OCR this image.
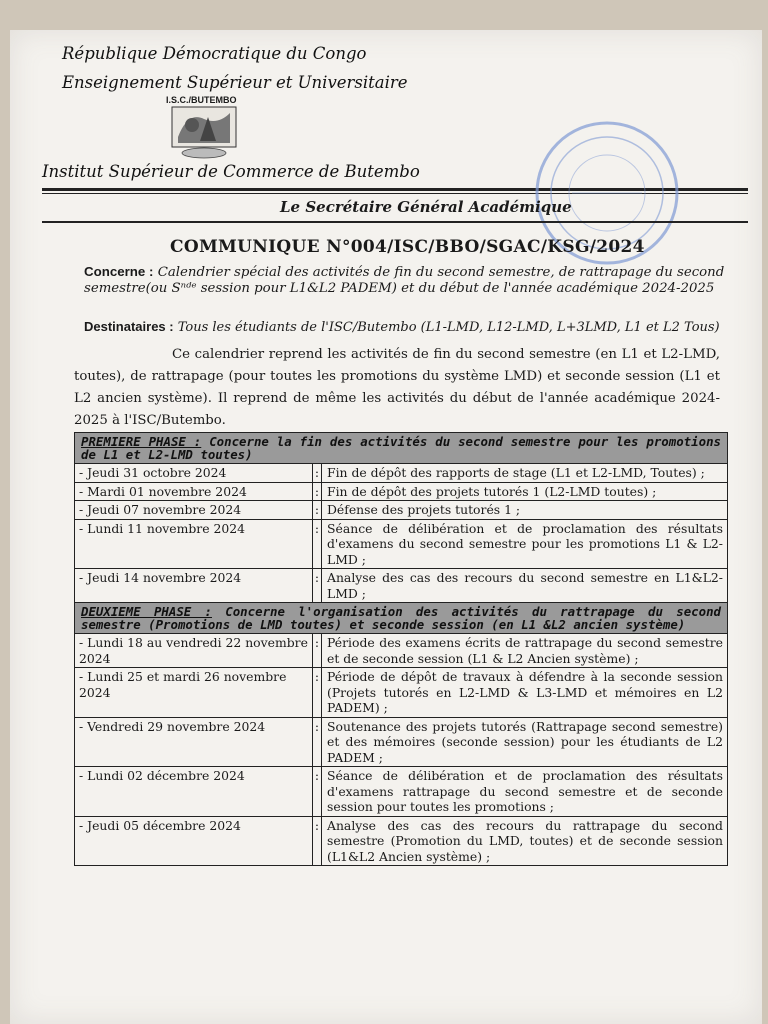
République Démocratique du Congo
Enseignement Supérieur et Universitaire
I.S.C./BUTEMBO
Institut Supérieur de Commerce de Butembo
Le Secrétaire Général Académique
COMMUNIQUE N°004/ISC/BBO/SGAC/KSG/2024
Concerne : Calendrier spécial des activités de fin du second semestre, de rattrapage du second semestre(ou Sⁿᵈᵉ session pour L1&L2 PADEM) et du début de l'année académique 2024-2025
Destinataires : Tous les étudiants de l'ISC/Butembo (L1-LMD, L12-LMD, L+3LMD, L1 et L2 Tous)
Ce calendrier reprend les activités de fin du second semestre (en L1 et L2-LMD, toutes), de rattrapage (pour toutes les promotions du système LMD) et seconde session (L1 et L2 ancien système). Il reprend de même les activités du début de l'année académique 2024-2025 à l'ISC/Butembo.
PREMIERE PHASE : Concerne la fin des activités du second semestre pour les promotions de L1 et L2-LMD toutes)		
- Jeudi 31 octobre 2024	:	Fin de dépôt des rapports de stage (L1 et L2-LMD, Toutes) ;
- Mardi 01 novembre 2024	:	Fin de dépôt des projets tutorés 1 (L2-LMD toutes) ;
- Jeudi 07 novembre 2024	:	Défense des projets tutorés 1 ;
- Lundi 11 novembre 2024	:	Séance de délibération et de proclamation des résultats d'examens du second semestre pour les promotions L1 & L2-LMD ;
- Jeudi 14 novembre 2024	:	Analyse des cas des recours du second semestre en L1&L2-LMD ;
DEUXIEME PHASE : Concerne l'organisation des activités du rattrapage du second semestre (Promotions de LMD toutes) et seconde session (en L1 &L2 ancien système)		
- Lundi 18 au vendredi 22 novembre 2024	:	Période des examens écrits de rattrapage du second semestre et de seconde session (L1 & L2 Ancien système) ;
- Lundi 25 et mardi 26 novembre 2024	:	Période de dépôt de travaux à défendre à la seconde session (Projets tutorés en L2-LMD & L3-LMD et mémoires en L2 PADEM) ;
- Vendredi 29 novembre 2024	:	Soutenance des projets tutorés (Rattrapage second semestre) et des mémoires (seconde session) pour les étudiants de L2 PADEM ;
- Lundi 02 décembre 2024	:	Séance de délibération et de proclamation des résultats d'examens rattrapage du second semestre et de seconde session pour toutes les promotions ;
- Jeudi 05 décembre 2024	:	Analyse des cas des recours du rattrapage du second semestre (Promotion du LMD, toutes) et de seconde session (L1&L2 Ancien système) ;
